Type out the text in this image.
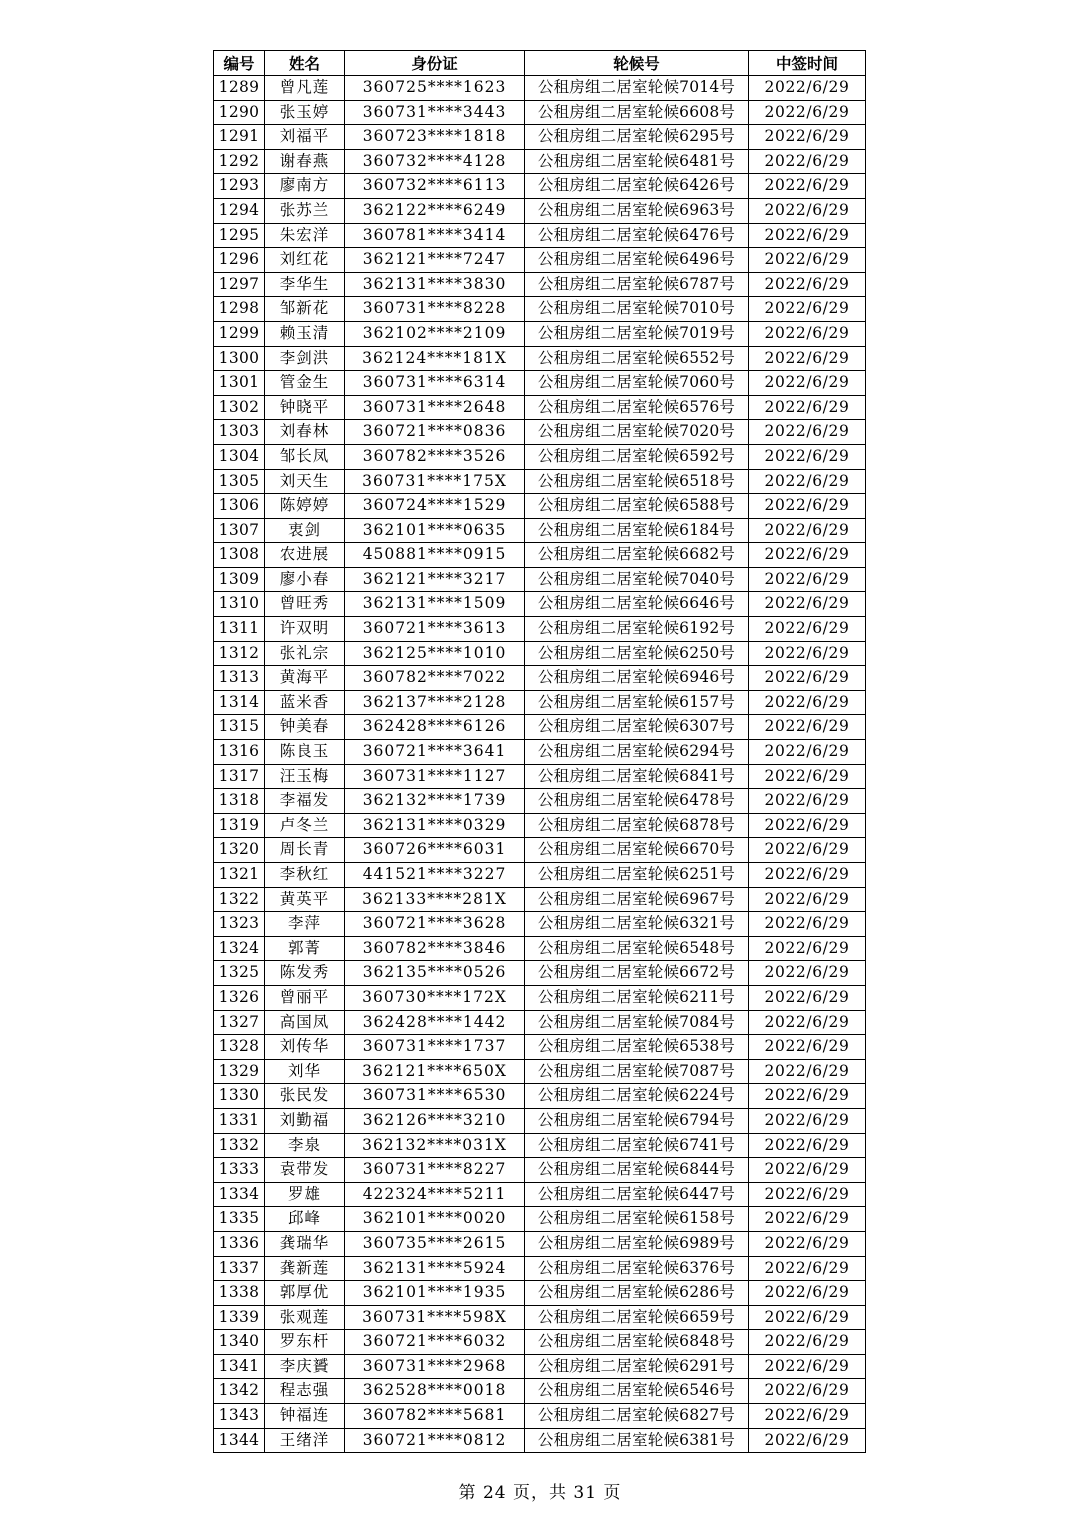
编号	姓名	身份证	轮候号	中签时间
1289	曾凡莲	360725****1623	公租房组二居室轮候7014号	2022/6/29
1290	张玉婷	360731****3443	公租房组二居室轮候6608号	2022/6/29
1291	刘福平	360723****1818	公租房组二居室轮候6295号	2022/6/29
1292	谢春燕	360732****4128	公租房组二居室轮候6481号	2022/6/29
1293	廖南方	360732****6113	公租房组二居室轮候6426号	2022/6/29
1294	张苏兰	362122****6249	公租房组二居室轮候6963号	2022/6/29
1295	朱宏洋	360781****3414	公租房组二居室轮候6476号	2022/6/29
1296	刘红花	362121****7247	公租房组二居室轮候6496号	2022/6/29
1297	李华生	362131****3830	公租房组二居室轮候6787号	2022/6/29
1298	邹新花	360731****8228	公租房组二居室轮候7010号	2022/6/29
1299	赖玉清	362102****2109	公租房组二居室轮候7019号	2022/6/29
1300	李剑洪	362124****181X	公租房组二居室轮候6552号	2022/6/29
1301	管金生	360731****6314	公租房组二居室轮候7060号	2022/6/29
1302	钟晓平	360731****2648	公租房组二居室轮候6576号	2022/6/29
1303	刘春林	360721****0836	公租房组二居室轮候7020号	2022/6/29
1304	邹长凤	360782****3526	公租房组二居室轮候6592号	2022/6/29
1305	刘天生	360731****175X	公租房组二居室轮候6518号	2022/6/29
1306	陈婷婷	360724****1529	公租房组二居室轮候6588号	2022/6/29
1307	衷剑	362101****0635	公租房组二居室轮候6184号	2022/6/29
1308	农进展	450881****0915	公租房组二居室轮候6682号	2022/6/29
1309	廖小春	362121****3217	公租房组二居室轮候7040号	2022/6/29
1310	曾旺秀	362131****1509	公租房组二居室轮候6646号	2022/6/29
1311	许双明	360721****3613	公租房组二居室轮候6192号	2022/6/29
1312	张礼宗	362125****1010	公租房组二居室轮候6250号	2022/6/29
1313	黄海平	360782****7022	公租房组二居室轮候6946号	2022/6/29
1314	蓝米香	362137****2128	公租房组二居室轮候6157号	2022/6/29
1315	钟美春	362428****6126	公租房组二居室轮候6307号	2022/6/29
1316	陈良玉	360721****3641	公租房组二居室轮候6294号	2022/6/29
1317	汪玉梅	360731****1127	公租房组二居室轮候6841号	2022/6/29
1318	李福发	362132****1739	公租房组二居室轮候6478号	2022/6/29
1319	卢冬兰	362131****0329	公租房组二居室轮候6878号	2022/6/29
1320	周长青	360726****6031	公租房组二居室轮候6670号	2022/6/29
1321	李秋红	441521****3227	公租房组二居室轮候6251号	2022/6/29
1322	黄英平	362133****281X	公租房组二居室轮候6967号	2022/6/29
1323	李萍	360721****3628	公租房组二居室轮候6321号	2022/6/29
1324	郭菁	360782****3846	公租房组二居室轮候6548号	2022/6/29
1325	陈发秀	362135****0526	公租房组二居室轮候6672号	2022/6/29
1326	曾丽平	360730****172X	公租房组二居室轮候6211号	2022/6/29
1327	高国凤	362428****1442	公租房组二居室轮候7084号	2022/6/29
1328	刘传华	360731****1737	公租房组二居室轮候6538号	2022/6/29
1329	刘华	362121****650X	公租房组二居室轮候7087号	2022/6/29
1330	张民发	360731****6530	公租房组二居室轮候6224号	2022/6/29
1331	刘勤福	362126****3210	公租房组二居室轮候6794号	2022/6/29
1332	李泉	362132****031X	公租房组二居室轮候6741号	2022/6/29
1333	袁带发	360731****8227	公租房组二居室轮候6844号	2022/6/29
1334	罗雄	422324****5211	公租房组二居室轮候6447号	2022/6/29
1335	邱峰	362101****0020	公租房组二居室轮候6158号	2022/6/29
1336	龚瑞华	360735****2615	公租房组二居室轮候6989号	2022/6/29
1337	龚新莲	362131****5924	公租房组二居室轮候6376号	2022/6/29
1338	郭厚优	362101****1935	公租房组二居室轮候6286号	2022/6/29
1339	张观莲	360731****598X	公租房组二居室轮候6659号	2022/6/29
1340	罗东杆	360721****6032	公租房组二居室轮候6848号	2022/6/29
1341	李庆贇	360731****2968	公租房组二居室轮候6291号	2022/6/29
1342	程志强	362528****0018	公租房组二居室轮候6546号	2022/6/29
1343	钟福连	360782****5681	公租房组二居室轮候6827号	2022/6/29
1344	王绪洋	360721****0812	公租房组二居室轮候6381号	2022/6/29
第 24 页，共 31 页
